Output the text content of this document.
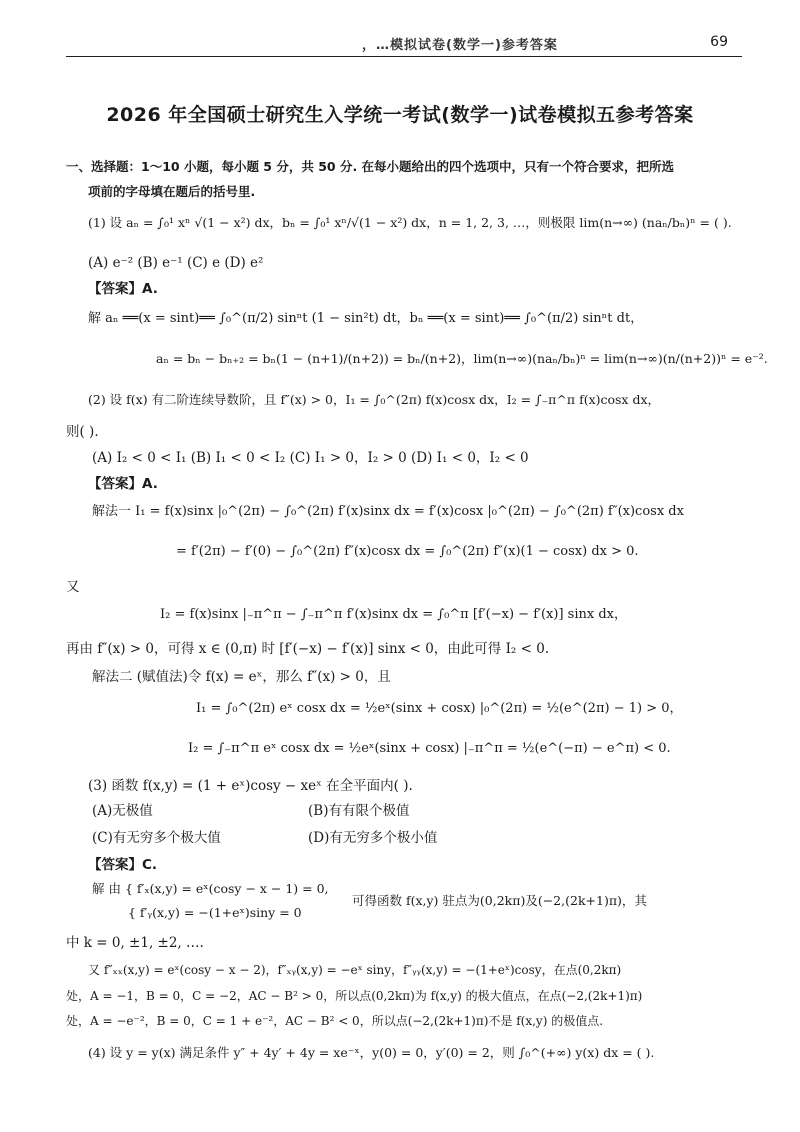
，…模拟试卷(数学一)参考答案	69
2026 年全国硕士研究生入学统一考试(数学一)试卷模拟五参考答案
一、选择题：1～10 小题，每小题 5 分，共 50 分. 在每小题给出的四个选项中，只有一个符合要求，把所选
项前的字母填在题后的括号里.
(1) 设 aₙ = ∫₀¹ xⁿ √(1 − x²) dx，bₙ = ∫₀¹ xⁿ/√(1 − x²) dx，n = 1, 2, 3, …，则极限 lim(n→∞) (naₙ/bₙ)ⁿ = ( ).
(A) e⁻² (B) e⁻¹ (C) e (D) e²
【答案】A.
解 aₙ ══(x = sint)══ ∫₀^(π/2) sinⁿt (1 − sin²t) dt，bₙ ══(x = sint)══ ∫₀^(π/2) sinⁿt dt，
aₙ = bₙ − bₙ₊₂ = bₙ(1 − (n+1)/(n+2)) = bₙ/(n+2)，lim(n→∞)(naₙ/bₙ)ⁿ = lim(n→∞)(n/(n+2))ⁿ = e⁻².
(2) 设 f(x) 有二阶连续导数阶，且 f″(x) > 0，I₁ = ∫₀^(2π) f(x)cosx dx，I₂ = ∫₋π^π f(x)cosx dx，
则( ).
(A) I₂ < 0 < I₁ (B) I₁ < 0 < I₂ (C) I₁ > 0，I₂ > 0 (D) I₁ < 0，I₂ < 0
【答案】A.
解法一 I₁ = f(x)sinx |₀^(2π) − ∫₀^(2π) f′(x)sinx dx = f′(x)cosx |₀^(2π) − ∫₀^(2π) f″(x)cosx dx
= f′(2π) − f′(0) − ∫₀^(2π) f″(x)cosx dx = ∫₀^(2π) f″(x)(1 − cosx) dx > 0.
又
I₂ = f(x)sinx |₋π^π − ∫₋π^π f′(x)sinx dx = ∫₀^π [f′(−x) − f′(x)] sinx dx，
再由 f″(x) > 0，可得 x ∈ (0,π) 时 [f′(−x) − f′(x)] sinx < 0，由此可得 I₂ < 0.
解法二 (赋值法)令 f(x) = eˣ，那么 f″(x) > 0，且
I₁ = ∫₀^(2π) eˣ cosx dx = ½eˣ(sinx + cosx) |₀^(2π) = ½(e^(2π) − 1) > 0，
I₂ = ∫₋π^π eˣ cosx dx = ½eˣ(sinx + cosx) |₋π^π = ½(e^(−π) − e^π) < 0.
(3) 函数 f(x,y) = (1 + eˣ)cosy − xeˣ 在全平面内( ).
(A)无极值	(B)有有限个极值
(C)有无穷多个极大值	(D)有无穷多个极小值
【答案】C.
解 由 { f′ₓ(x,y) = eˣ(cosy − x − 1) = 0,
可得函数 f(x,y) 驻点为(0,2kπ)及(−2,(2k+1)π)，其
{ f′ᵧ(x,y) = −(1+eˣ)siny = 0
中 k = 0, ±1, ±2, ….
又 f″ₓₓ(x,y) = eˣ(cosy − x − 2)，f″ₓᵧ(x,y) = −eˣ siny，f″ᵧᵧ(x,y) = −(1+eˣ)cosy，在点(0,2kπ)
处，A = −1，B = 0，C = −2，AC − B² > 0，所以点(0,2kπ)为 f(x,y) 的极大值点，在点(−2,(2k+1)π)
处，A = −e⁻²，B = 0，C = 1 + e⁻²，AC − B² < 0，所以点(−2,(2k+1)π)不是 f(x,y) 的极值点.
(4) 设 y = y(x) 满足条件 y″ + 4y′ + 4y = xe⁻ˣ，y(0) = 0，y′(0) = 2，则 ∫₀^(+∞) y(x) dx = ( ).
